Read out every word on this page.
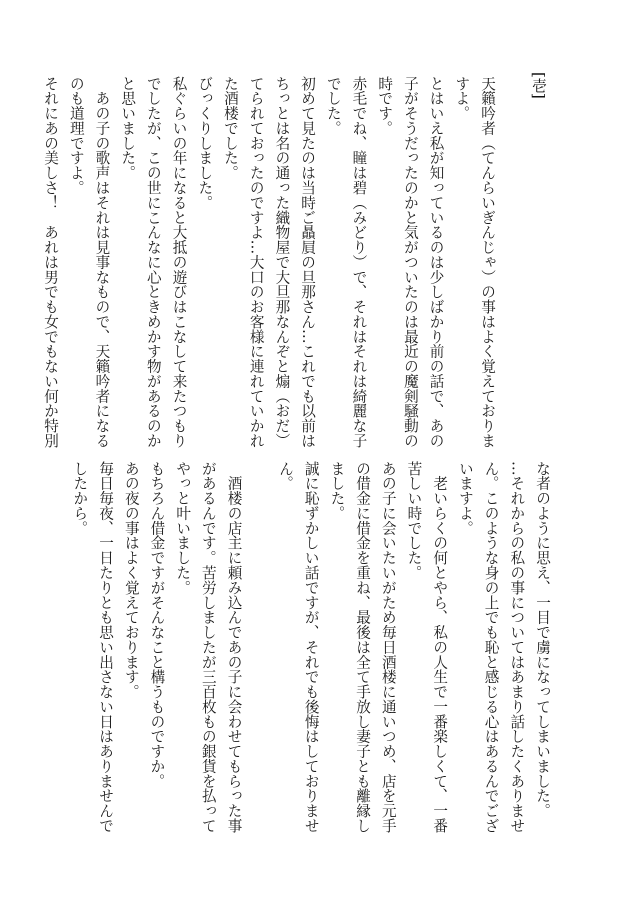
[壱]
天籟吟者（てんらいぎんじゃ）の事はよく覚えておりま
すよ。
とはいえ私が知っているのは少しばかり前の話で、あの
子がそうだったのかと気がついたのは最近の魔剣騒動の
時です。
赤毛でね、瞳は碧（みどり）で、それはそれは綺麗な子
でした。
初めて見たのは当時ご贔屓の旦那さん…これでも以前は
ちっとは名の通った織物屋で大旦那なんぞと煽（おだ）
てられておったのですよ…大口のお客様に連れていかれ
た酒楼でした。
びっくりしました。
私ぐらいの年になると大抵の遊びはこなして来たつもり
でしたが、この世にこんなに心ときめかす物があるのか
と思いました。
　あの子の歌声はそれは見事なもので、天籟吟者になる
のも道理ですよ。
それにあの美しさ！　あれは男でも女でもない何か特別
な者のように思え、一目で虜になってしまいました。
…それからの私の事についてはあまり話したくありませ
ん。このような身の上でも恥と感じる心はあるんでござ
いますよ。
　老いらくの何とやら、私の人生で一番楽しくて、一番
苦しい時でした。
あの子に会いたいがため毎日酒楼に通いつめ、店を元手
の借金に借金を重ね、最後は全て手放し妻子とも離縁し
ました。
誠に恥ずかしい話ですが、それでも後悔はしておりませ
ん。
　酒楼の店主に頼み込んであの子に会わせてもらった事
があるんです。苦労しましたが三百枚もの銀貨を払って
やっと叶いました。
もちろん借金ですがそんなこと構うものですか。
あの夜の事はよく覚えております。
毎日毎夜、一日たりとも思い出さない日はありませんで
したから。
